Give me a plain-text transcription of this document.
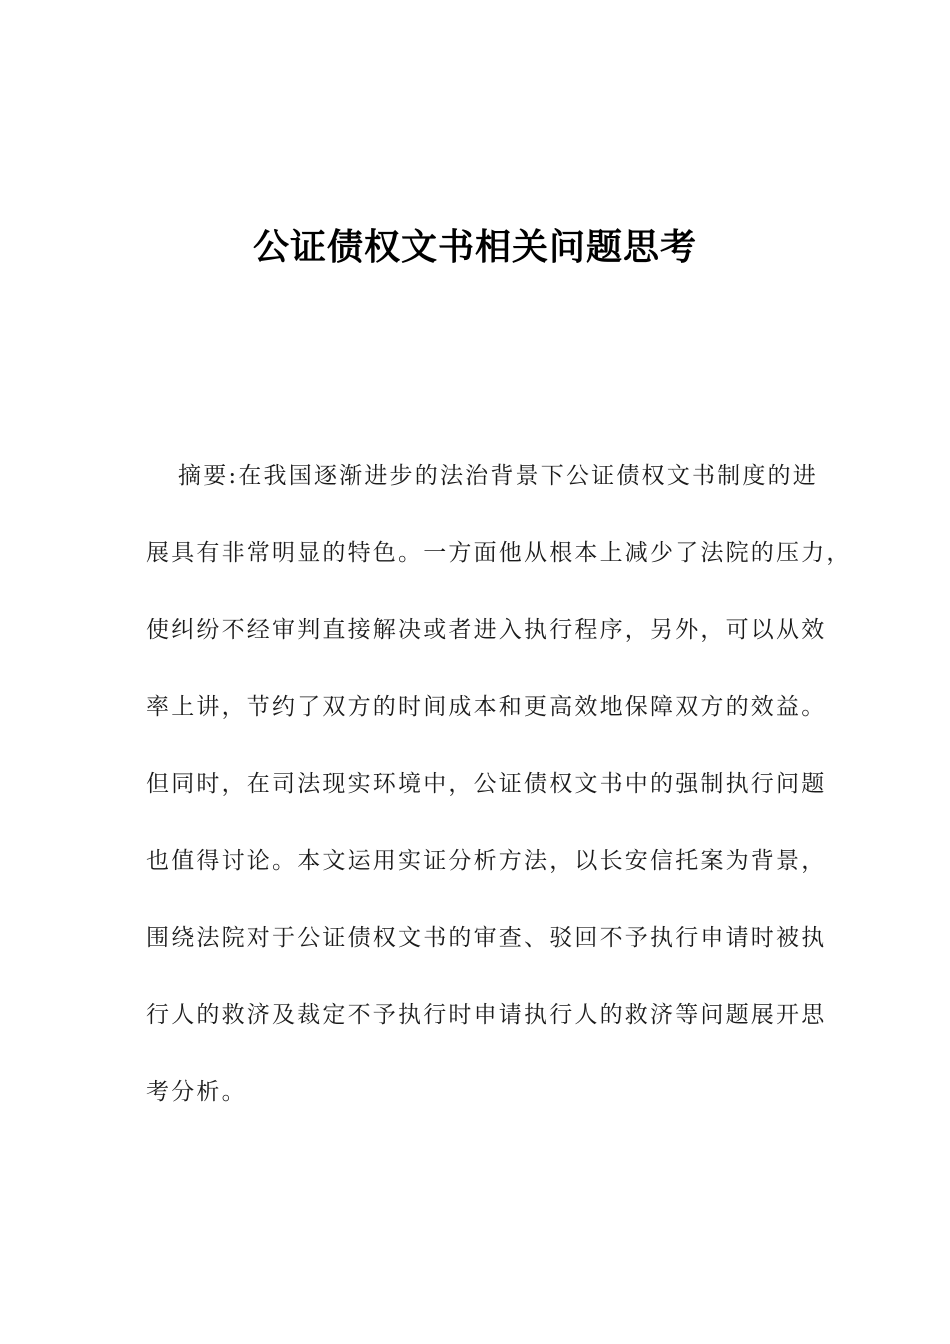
公证债权文书相关问题思考
摘要:在我国逐渐进步的法治背景下公证债权文书制度的进
展具有非常明显的特色。一方面他从根本上减少了法院的压力，
使纠纷不经审判直接解决或者进入执行程序，另外，可以从效
率上讲，节约了双方的时间成本和更高效地保障双方的效益。
但同时，在司法现实环境中，公证债权文书中的强制执行问题
也值得讨论。本文运用实证分析方法，以长安信托案为背景，
围绕法院对于公证债权文书的审查、驳回不予执行申请时被执
行人的救济及裁定不予执行时申请执行人的救济等问题展开思
考分析。
